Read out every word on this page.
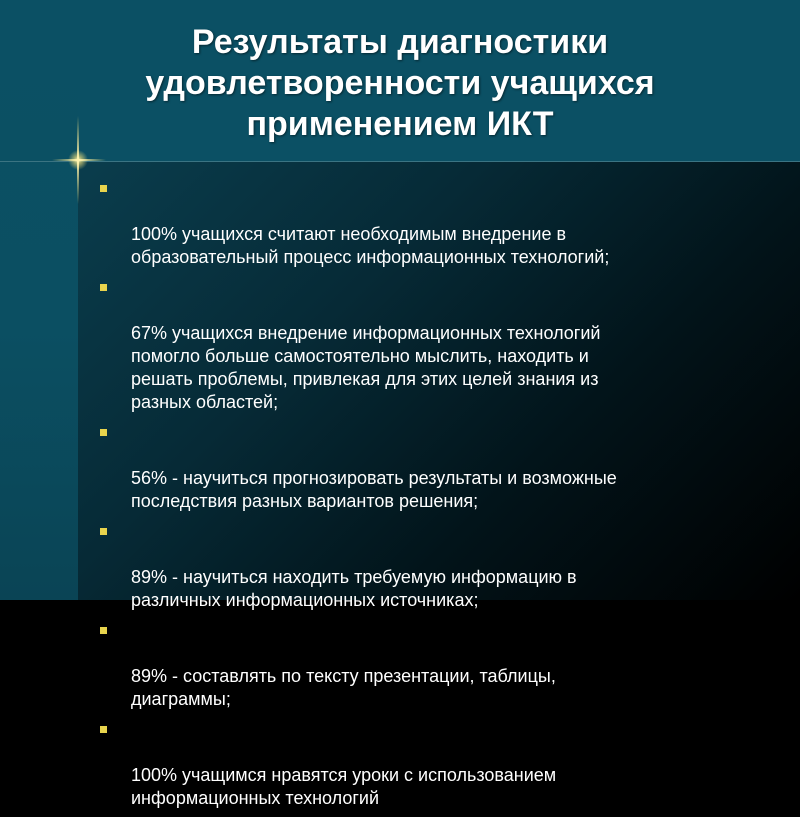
Результаты диагностики
удовлетворенности учащихся
применением ИКТ

100% учащихся считают необходимым внедрение в
образовательный процесс информационных технологий;

67% учащихся внедрение информационных технологий
помогло больше самостоятельно мыслить, находить и
решать проблемы, привлекая для этих целей знания из
разных областей;

56% - научиться прогнозировать результаты и возможные
последствия разных вариантов решения;

89% - научиться находить требуемую информацию в
различных информационных источниках;

89% - составлять по тексту презентации, таблицы,
диаграммы;

100% учащимся нравятся уроки с использованием
информационных технологий
